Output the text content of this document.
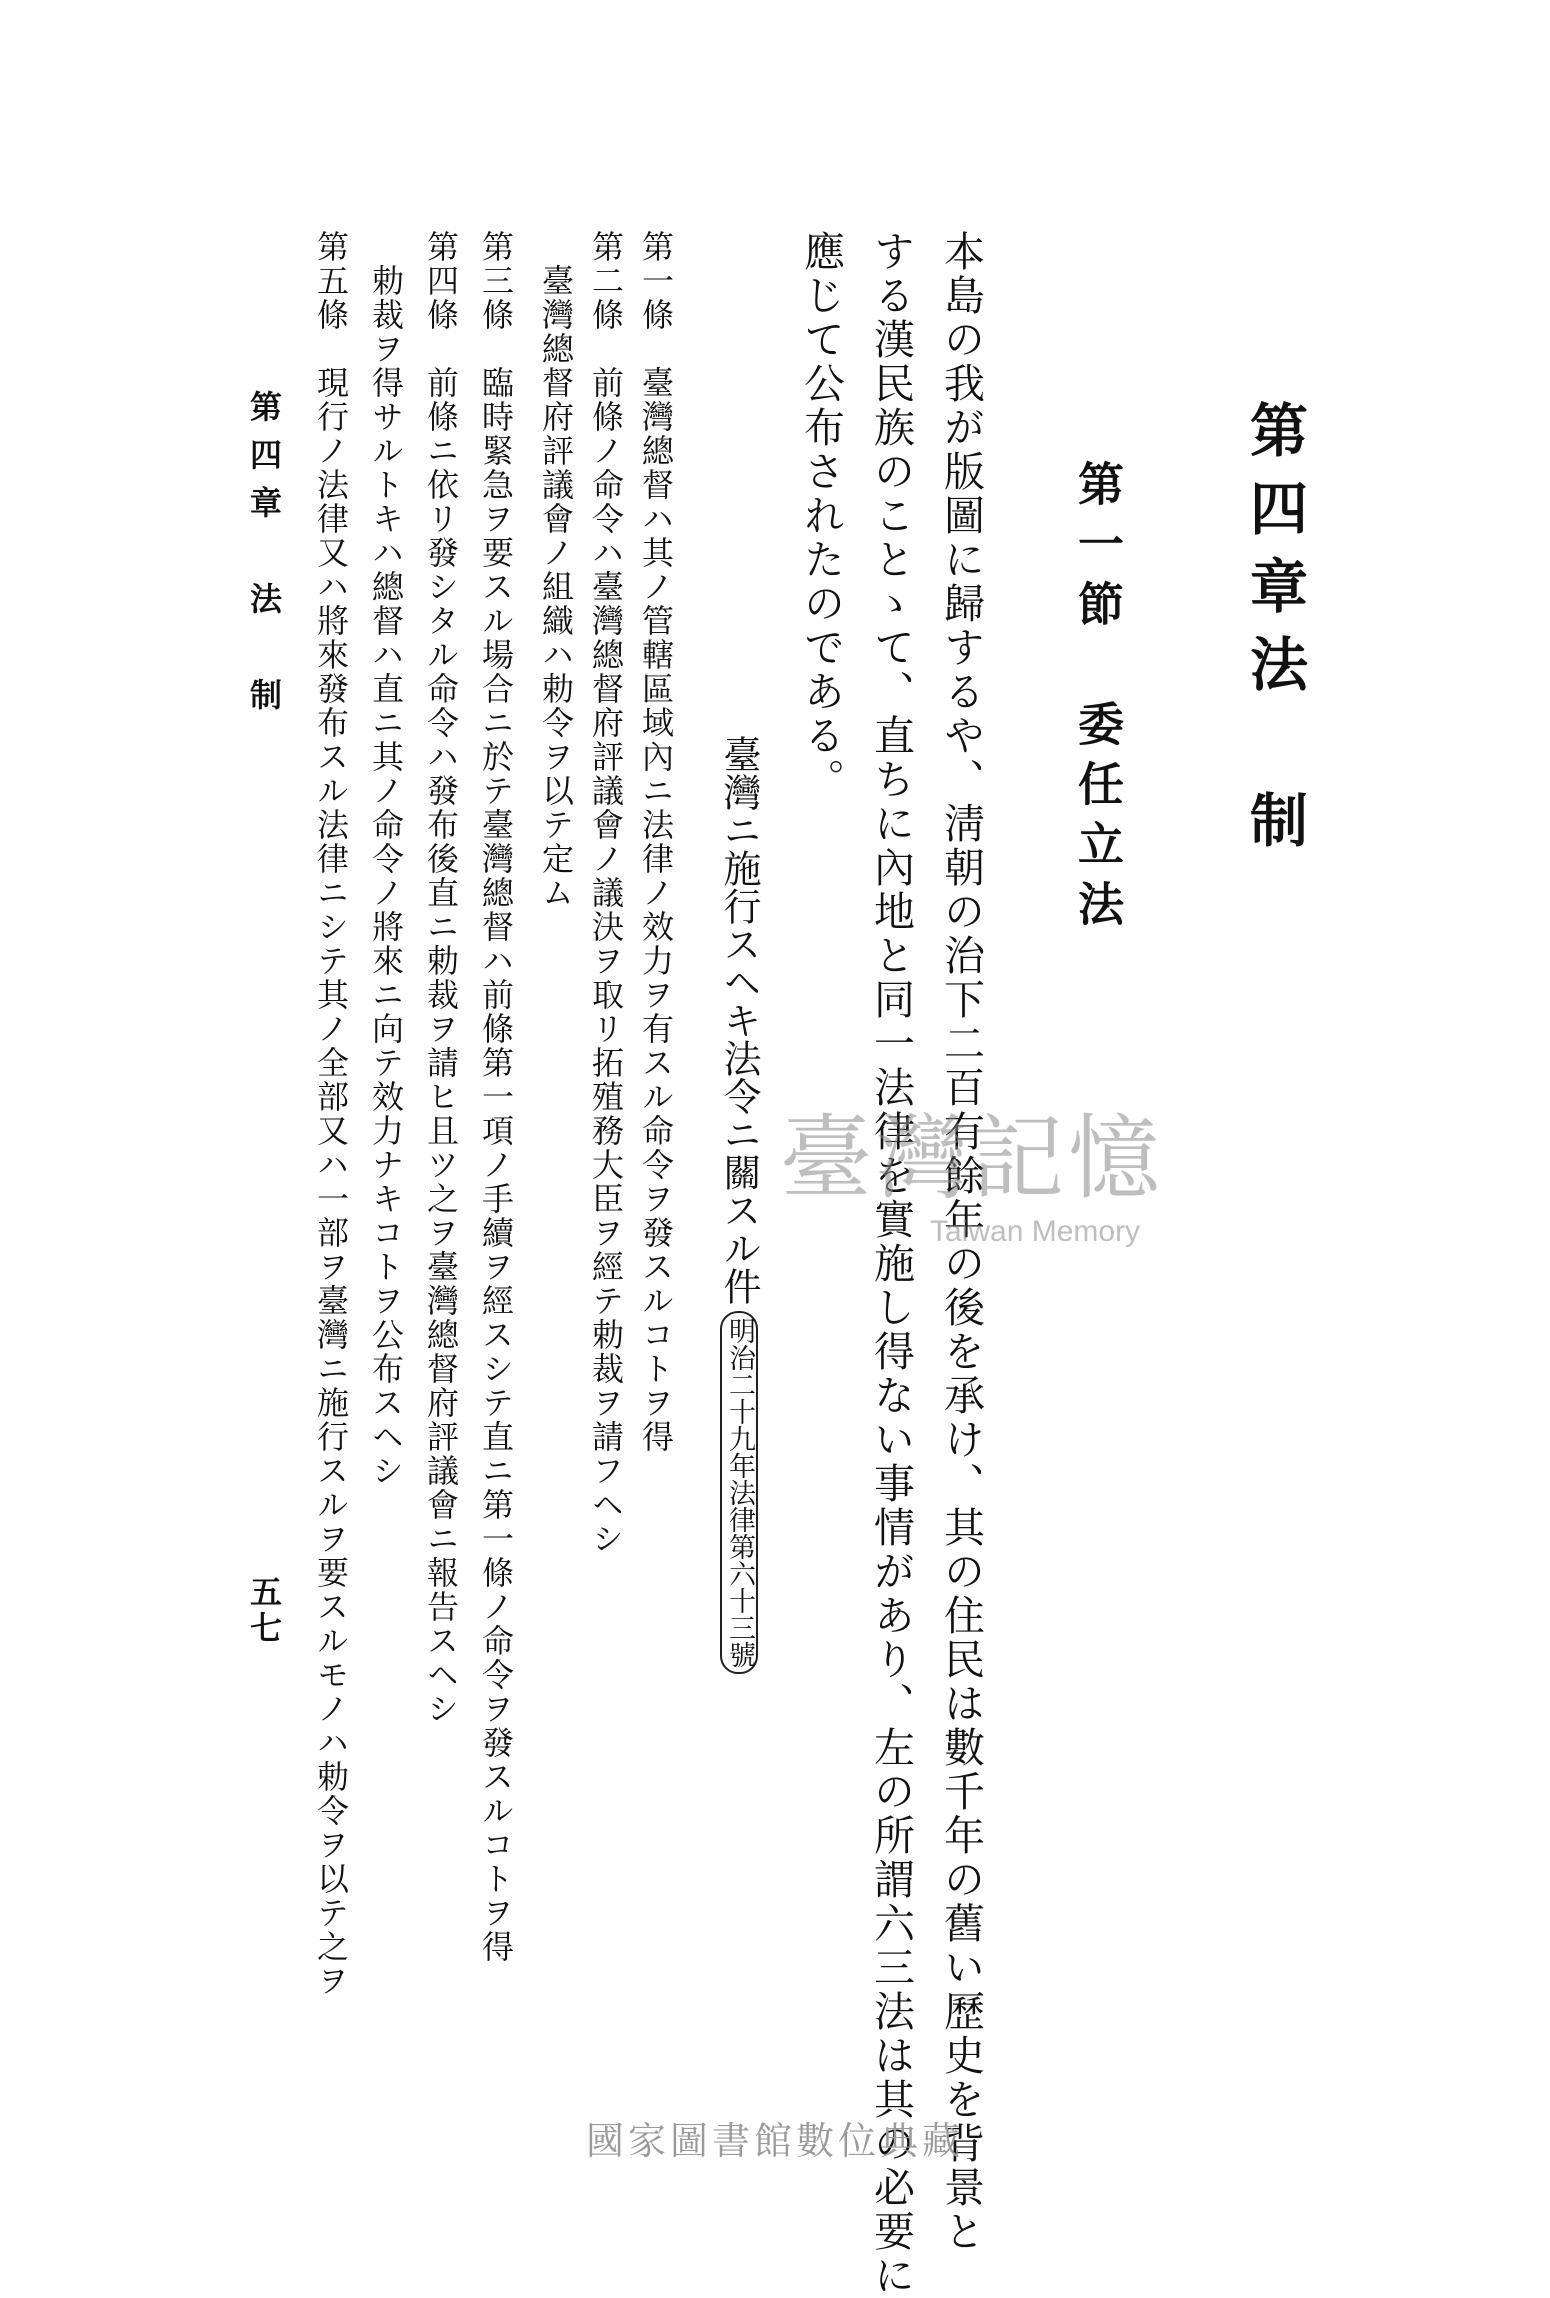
第四章法　制
第一節　委任立法
本島の我が版圖に歸するや、淸朝の治下二百有餘年の後を承け、其の住民は數千年の舊い歷史を背景と
する漢民族のことゝて、直ちに內地と同一法律を實施し得ない事情があり、左の所謂六三法は其の必要に
應じて公布されたのである。
臺灣ニ施行スヘキ法令ニ關スル件明治二十九年法律第六十三號
第一條　臺灣總督ハ其ノ管轄區域內ニ法律ノ效力ヲ有スル命令ヲ發スルコトヲ得
第二條　前條ノ命令ハ臺灣總督府評議會ノ議決ヲ取リ拓殖務大臣ヲ經テ勅裁ヲ請フヘシ
　臺灣總督府評議會ノ組織ハ勅令ヲ以テ定ム
第三條　臨時緊急ヲ要スル場合ニ於テ臺灣總督ハ前條第一項ノ手續ヲ經スシテ直ニ第一條ノ命令ヲ發スルコトヲ得
第四條　前條ニ依リ發シタル命令ハ發布後直ニ勅裁ヲ請ヒ且ツ之ヲ臺灣總督府評議會ニ報告スヘシ
　勅裁ヲ得サルトキハ總督ハ直ニ其ノ命令ノ將來ニ向テ效力ナキコトヲ公布スヘシ
第五條　現行ノ法律又ハ將來發布スル法律ニシテ其ノ全部又ハ一部ヲ臺灣ニ施行スルヲ要スルモノハ勅令ヲ以テ之ヲ
第四章　法　制
五七
臺灣記憶
Taiwan Memory
國家圖書館數位典藏
